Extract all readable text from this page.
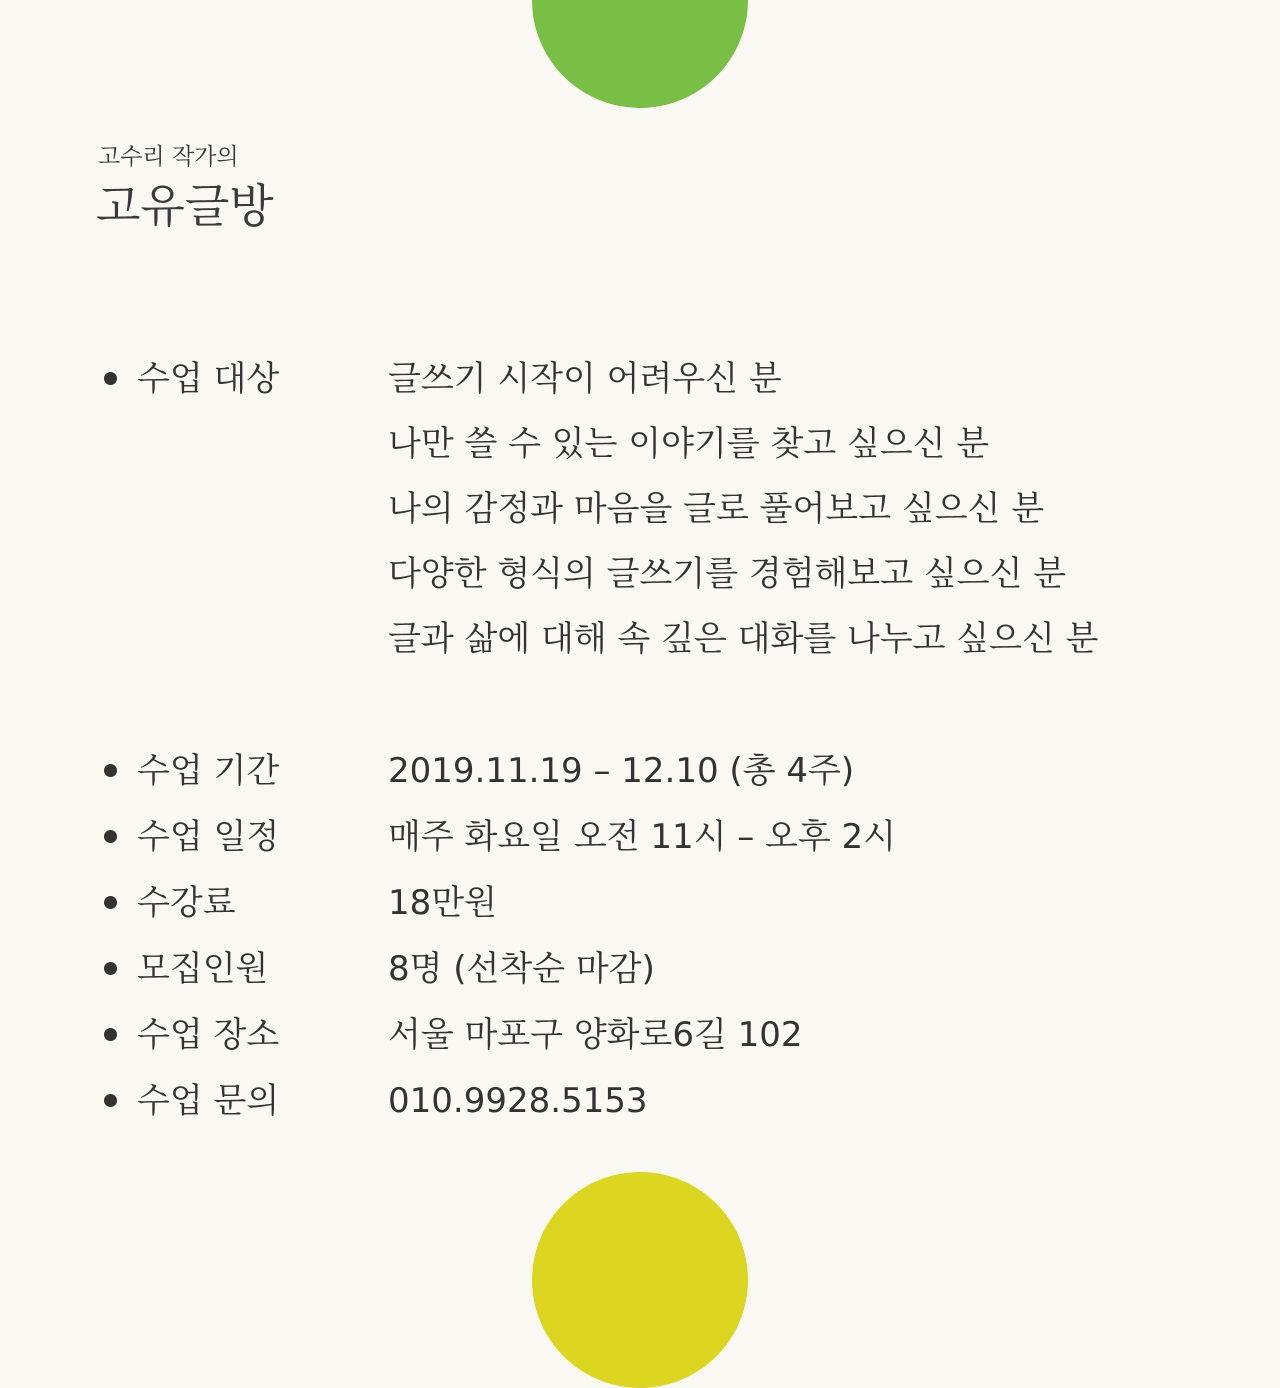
고수리 작가의
고유글방
수업 대상	글쓰기 시작이 어려우신 분
나만 쓸 수 있는 이야기를 찾고 싶으신 분
나의 감정과 마음을 글로 풀어보고 싶으신 분
다양한 형식의 글쓰기를 경험해보고 싶으신 분
글과 삶에 대해 속 깊은 대화를 나누고 싶으신 분
수업 기간	2019.11.19 – 12.10 (총 4주)
수업 일정	매주 화요일 오전 11시 – 오후 2시
수강료	18만원
모집인원	8명 (선착순 마감)
수업 장소	서울 마포구 양화로6길 102
수업 문의	010.9928.5153
